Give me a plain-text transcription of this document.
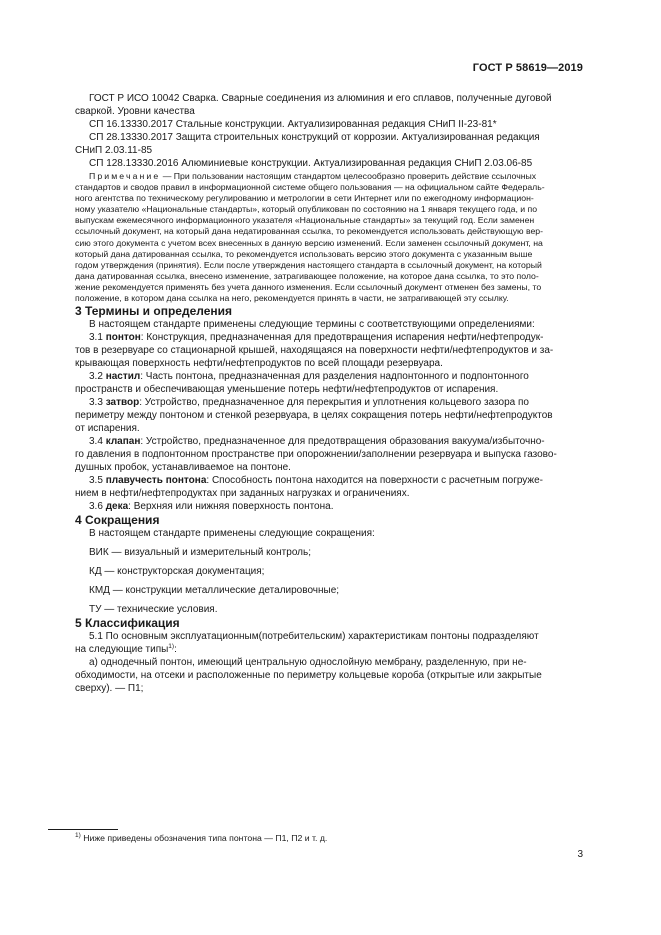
ГОСТ Р 58619—2019
ГОСТ Р ИСО 10042 Сварка. Сварные соединения из алюминия и его сплавов, полученные дуговой
сваркой. Уровни качества
СП 16.13330.2017 Стальные конструкции. Актуализированная редакция СНиП II-23-81*
СП 28.13330.2017 Защита строительных конструкций от коррозии. Актуализированная редакция
СНиП 2.03.11-85
СП 128.13330.2016 Алюминиевые конструкции. Актуализированная редакция СНиП 2.03.06-85
Примечание — При пользовании настоящим стандартом целесообразно проверить действие ссылочных
стандартов и сводов правил в информационной системе общего пользования — на официальном сайте Федераль-
ного агентства по техническому регулированию и метрологии в сети Интернет или по ежегодному информацион-
ному указателю «Национальные стандарты», который опубликован по состоянию на 1 января текущего года, и по
выпускам ежемесячного информационного указателя «Национальные стандарты» за текущий год. Если заменен
ссылочный документ, на который дана недатированная ссылка, то рекомендуется использовать действующую вер-
сию этого документа с учетом всех внесенных в данную версию изменений. Если заменен ссылочный документ, на
который дана датированная ссылка, то рекомендуется использовать версию этого документа с указанным выше
годом утверждения (принятия). Если после утверждения настоящего стандарта в ссылочный документ, на который
дана датированная ссылка, внесено изменение, затрагивающее положение, на которое дана ссылка, то это поло-
жение рекомендуется применять без учета данного изменения. Если ссылочный документ отменен без замены, то
положение, в котором дана ссылка на него, рекомендуется принять в части, не затрагивающей эту ссылку.
3 Термины и определения
В настоящем стандарте применены следующие термины с соответствующими определениями:
3.1 понтон: Конструкция, предназначенная для предотвращения испарения нефти/нефтепродук-
тов в резервуаре со стационарной крышей, находящаяся на поверхности нефти/нефтепродуктов и за-
крывающая поверхность нефти/нефтепродуктов по всей площади резервуара.
3.2 настил: Часть понтона, предназначенная для разделения надпонтонного и подпонтонного
пространств и обеспечивающая уменьшение потерь нефти/нефтепродуктов от испарения.
3.3 затвор: Устройство, предназначенное для перекрытия и уплотнения кольцевого зазора по
периметру между понтоном и стенкой резервуара, в целях сокращения потерь нефти/нефтепродуктов
от испарения.
3.4 клапан: Устройство, предназначенное для предотвращения образования вакуума/избыточно-
го давления в подпонтонном пространстве при опорожнении/заполнении резервуара и выпуска газово-
душных пробок, устанавливаемое на понтоне.
3.5 плавучесть понтона: Способность понтона находится на поверхности с расчетным погруже-
нием в нефти/нефтепродуктах при заданных нагрузках и ограничениях.
3.6 дека: Верхняя или нижняя поверхность понтона.
4 Сокращения
В настоящем стандарте применены следующие сокращения:
ВИК — визуальный и измерительный контроль;
КД — конструкторская документация;
КМД — конструкции металлические деталировочные;
ТУ — технические условия.
5 Классификация
5.1 По основным эксплуатационным(потребительским) характеристикам понтоны подразделяют
на следующие типы$^{1)}$:
а) однодечный понтон, имеющий центральную однослойную мембрану, разделенную, при не-
обходимости, на отсеки и расположенные по периметру кольцевые короба (открытые или закрытые
сверху). — П1;
$^{1)}$ Ниже приведены обозначения типа понтона — П1, П2 и т. д.
3
